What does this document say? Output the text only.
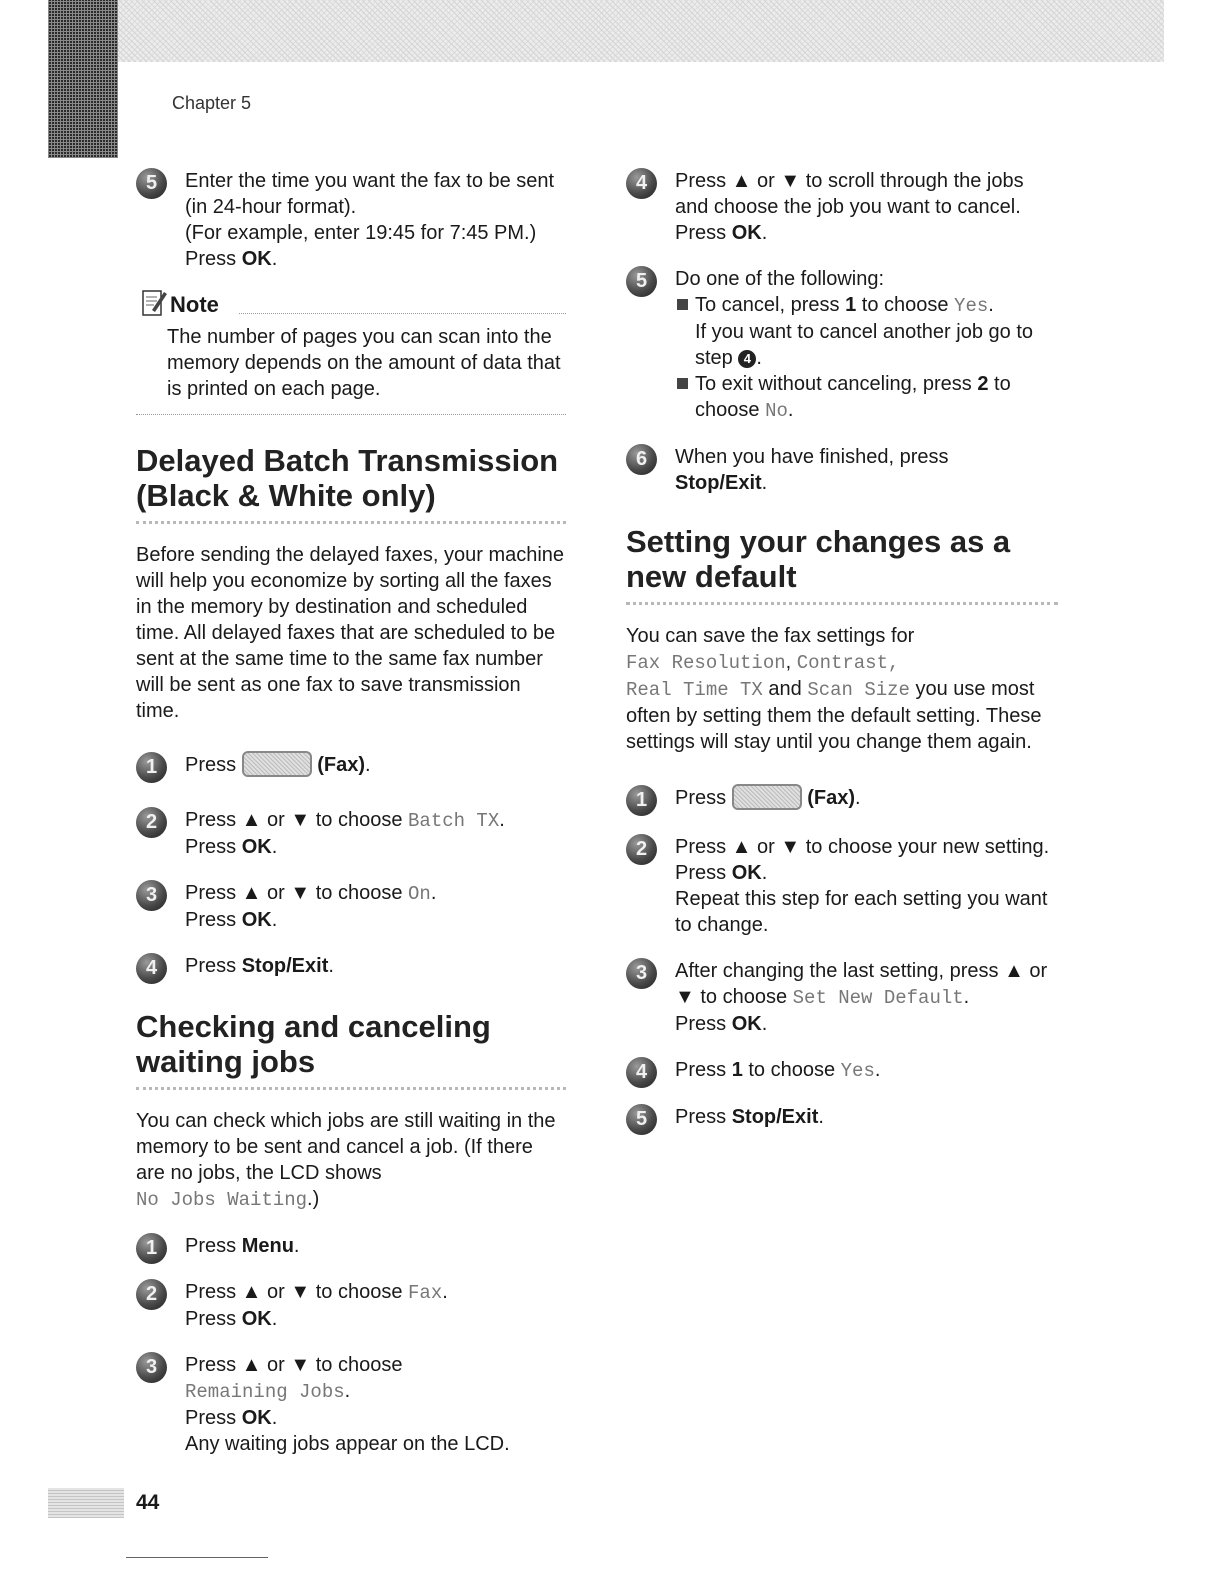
Chapter 5
5	Enter the time you want the fax to be sent (in 24-hour format).
(For example, enter 19:45 for 7:45 PM.)
Press OK.
Note
The number of pages you can scan into the memory depends on the amount of data that is printed on each page.
Delayed Batch Transmission (Black & White only)

Before sending the delayed faxes, your machine will help you economize by sorting all the faxes in the memory by destination and scheduled time. All delayed faxes that are scheduled to be sent at the same time to the same fax number will be sent as one fax to save transmission time.

1	Press	(Fax).
2	Press ▲ or ▼ to choose Batch TX.
Press OK.
3	Press ▲ or ▼ to choose On.
Press OK.
4	Press Stop/Exit.
Checking and canceling waiting jobs

You can check which jobs are still waiting in the memory to be sent and cancel a job. (If there are no jobs, the LCD shows
No Jobs Waiting.)

1	Press Menu.
2	Press ▲ or ▼ to choose Fax.
Press OK.
3	Press ▲ or ▼ to choose
Remaining Jobs.
Press OK.
Any waiting jobs appear on the LCD.
4	Press ▲ or ▼ to scroll through the jobs and choose the job you want to cancel.
Press OK.
5	Do one of the following:
To cancel, press 1 to choose Yes.
If you want to cancel another job go to step 4 .
To exit without canceling, press 2 to choose No.
6	When you have finished, press
Stop/Exit.
Setting your changes as a new default

You can save the fax settings for
Fax Resolution, Contrast,
Real Time TX and Scan Size you use most often by setting them the default setting. These settings will stay until you change them again.

1	Press	(Fax).
2	Press ▲ or ▼ to choose your new setting.
Press OK.
Repeat this step for each setting you want to change.
3	After changing the last setting, press ▲ or ▼ to choose Set New Default.
Press OK.
4	Press 1 to choose Yes.
5	Press Stop/Exit.
44
